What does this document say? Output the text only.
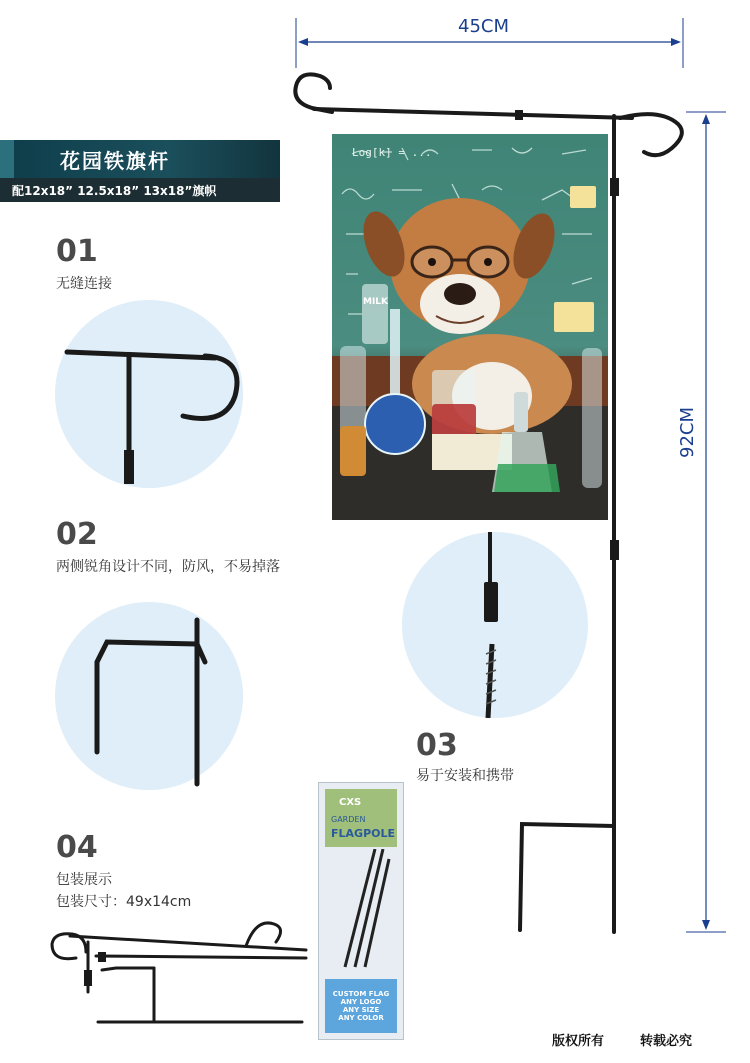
花园铁旗杆
配12x18” 12.5x18” 13x18”旗帜
45CM
92CM
Log[k] = ...
MILK
01
无缝连接
02
两侧锐角设计不同，防风，不易掉落
03
易于安装和携带
04
包装展示
包装尺寸：49x14cm
CXS
GARDEN
FLAGPOLE
CUSTOM FLAG
ANY LOGO
ANY SIZE
ANY COLOR
版权所有	转载必究
